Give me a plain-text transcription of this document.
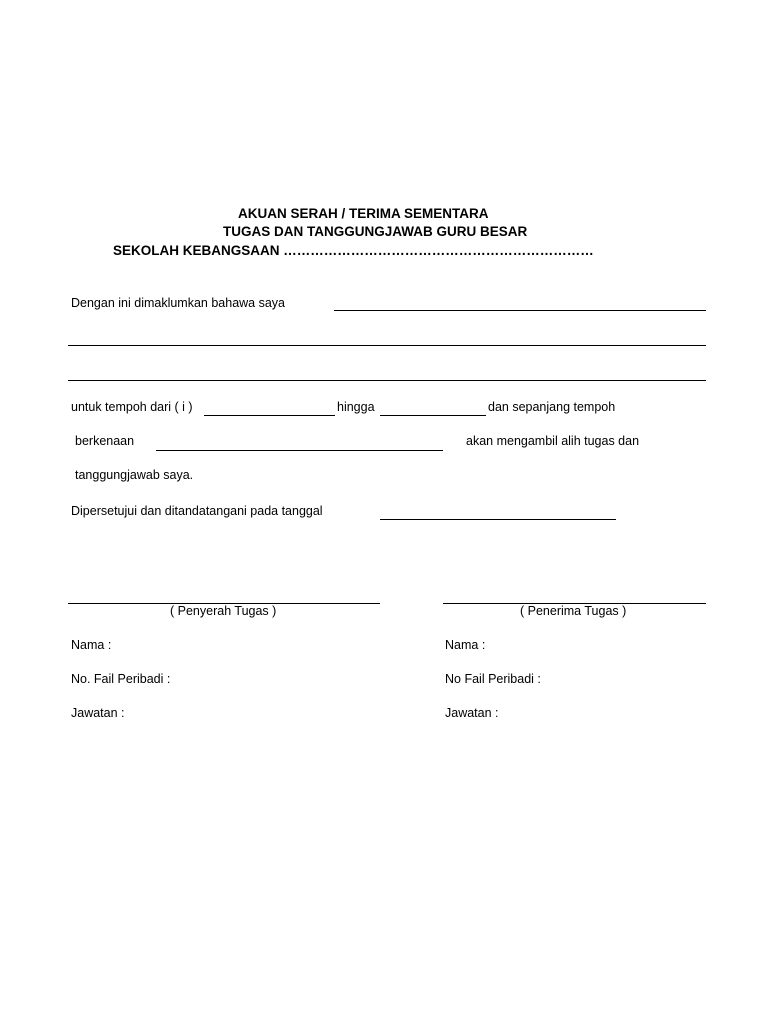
AKUAN SERAH / TERIMA SEMENTARA
TUGAS DAN TANGGUNGJAWAB GURU BESAR
SEKOLAH KEBANGSAAN ……………………………………………………………
Dengan ini dimaklumkan bahawa saya
untuk tempoh dari ( i )	hingga	dan sepanjang tempoh
berkenaan	akan mengambil alih tugas dan
tanggungjawab saya.
Dipersetujui dan ditandatangani pada tanggal
( Penyerah Tugas )
Nama :
No. Fail Peribadi :
Jawatan :
( Penerima Tugas )
Nama :
No Fail Peribadi :
Jawatan :
